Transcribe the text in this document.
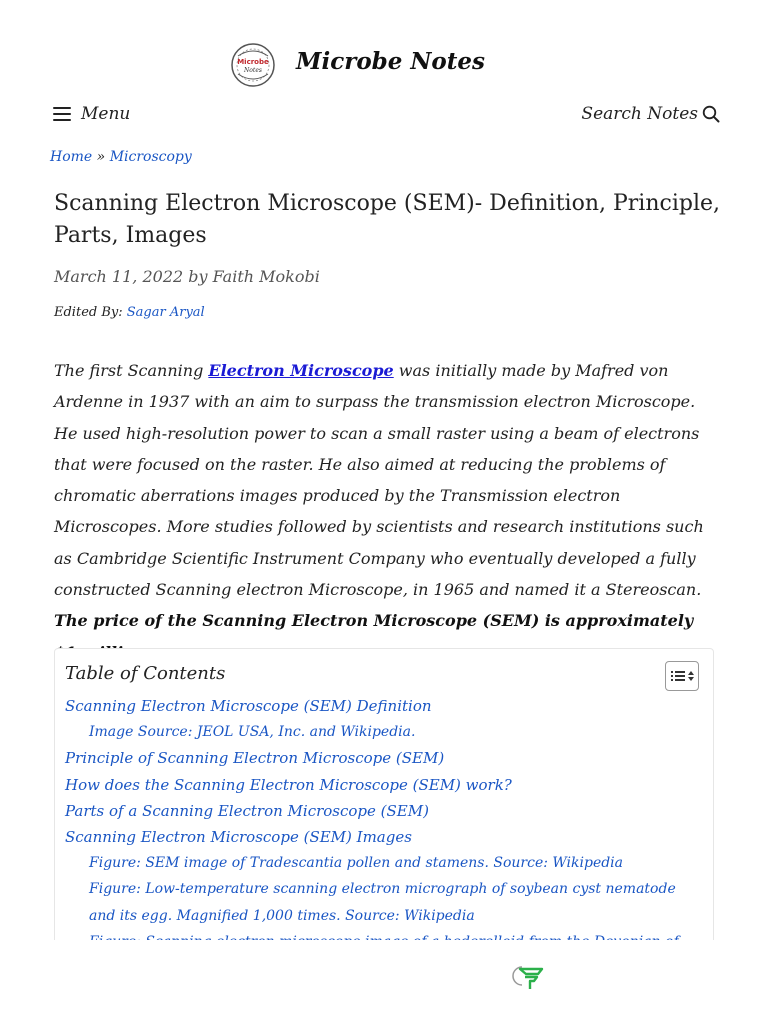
Microbe
Notes Microbe Notes
Menu	Search Notes
Home » Microscopy
Scanning Electron Microscope (SEM)- Definition, Principle, Parts, Images
March 11, 2022 by Faith Mokobi
Edited By: Sagar Aryal

The first Scanning Electron Microscope was initially made by Mafred von Ardenne in 1937 with an aim to surpass the transmission electron Microscope. He used high-resolution power to scan a small raster using a beam of electrons that were focused on the raster. He also aimed at reducing the problems of chromatic aberrations images produced by the Transmission electron Microscopes. More studies followed by scientists and research institutions such as Cambridge Scientific Instrument Company who eventually developed a fully constructed Scanning electron Microscope, in 1965 and named it a Stereoscan. The price of the Scanning Electron Microscope (SEM) is approximately

Table of Contents
Scanning Electron Microscope (SEM) Definition
Image Source: JEOL USA, Inc. and Wikipedia.
Principle of Scanning Electron Microscope (SEM)
How does the Scanning Electron Microscope (SEM) work?
Parts of a Scanning Electron Microscope (SEM)
Scanning Electron Microscope (SEM) Images
Figure: SEM image of Tradescantia pollen and stamens. Source: Wikipedia
Figure: Low-temperature scanning electron micrograph of soybean cyst nematode and its egg. Magnified 1,000 times. Source: Wikipedia
